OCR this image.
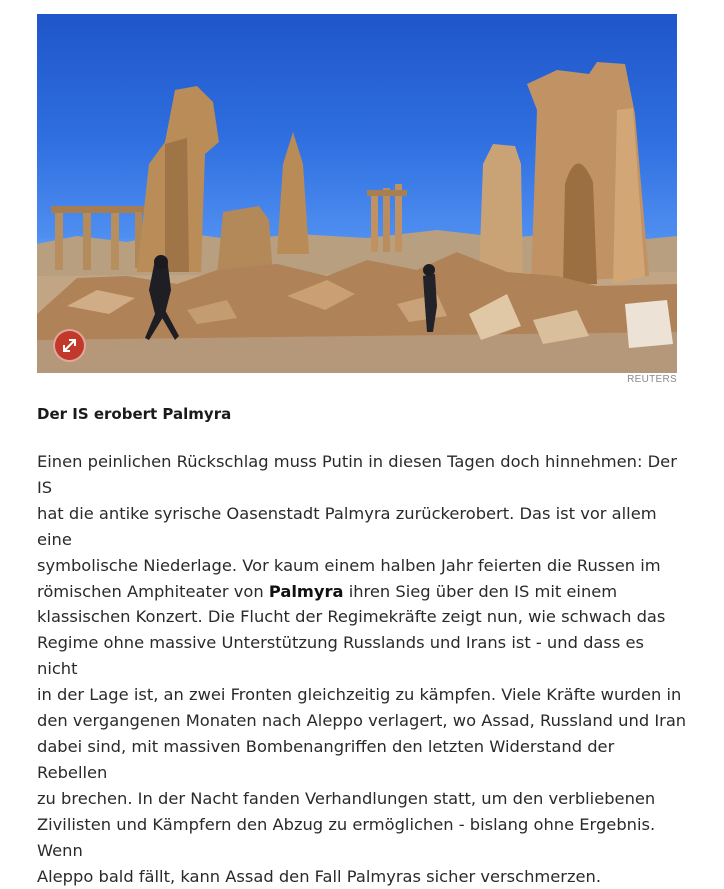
REUTERS
Der IS erobert Palmyra

Einen peinlichen Rückschlag muss Putin in diesen Tagen doch hinnehmen: Der IS
hat die antike syrische Oasenstadt Palmyra zurückerobert. Das ist vor allem eine
symbolische Niederlage. Vor kaum einem halben Jahr feierten die Russen im
römischen Amphiteater von Palmyra ihren Sieg über den IS mit einem
klassischen Konzert. Die Flucht der Regimekräfte zeigt nun, wie schwach das
Regime ohne massive Unterstützung Russlands und Irans ist - und dass es nicht
in der Lage ist, an zwei Fronten gleichzeitig zu kämpfen. Viele Kräfte wurden in
den vergangenen Monaten nach Aleppo verlagert, wo Assad, Russland und Iran
dabei sind, mit massiven Bombenangriffen den letzten Widerstand der Rebellen
zu brechen. In der Nacht fanden Verhandlungen statt, um den verbliebenen
Zivilisten und Kämpfern den Abzug zu ermöglichen - bislang ohne Ergebnis. Wenn
Aleppo bald fällt, kann Assad den Fall Palmyras sicher verschmerzen.
